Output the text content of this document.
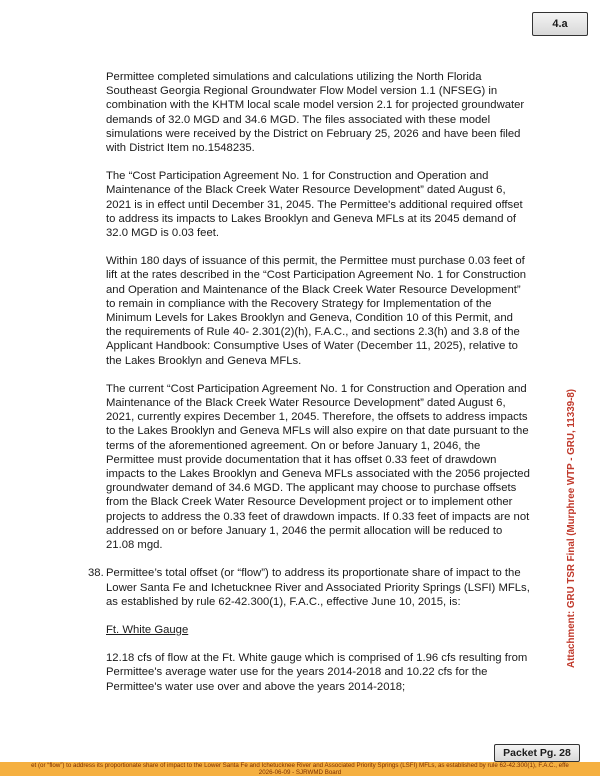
4.a

Permittee completed simulations and calculations utilizing the North Florida Southeast Georgia Regional Groundwater Flow Model version 1.1 (NFSEG) in combination with the KHTM local scale model version 2.1 for projected groundwater demands of 32.0 MGD and 34.6 MGD. The files associated with these model simulations were received by the District on February 25, 2026 and have been filed with District Item no.1548235.

The “Cost Participation Agreement No. 1 for Construction and Operation and Maintenance of the Black Creek Water Resource Development” dated August 6, 2021 is in effect until December 31, 2045. The Permittee's additional required offset to address its impacts to Lakes Brooklyn and Geneva MFLs at its 2045 demand of 32.0 MGD is 0.03 feet.

Within 180 days of issuance of this permit, the Permittee must purchase 0.03 feet of lift at the rates described in the “Cost Participation Agreement No. 1 for Construction and Operation and Maintenance of the Black Creek Water Resource Development” to remain in compliance with the Recovery Strategy for Implementation of the Minimum Levels for Lakes Brooklyn and Geneva, Condition 10 of this Permit, and the requirements of Rule 40- 2.301(2)(h), F.A.C., and sections 2.3(h) and 3.8 of the Applicant Handbook: Consumptive Uses of Water (December 11, 2025), relative to the Lakes Brooklyn and Geneva MFLs.

The current “Cost Participation Agreement No. 1 for Construction and Operation and Maintenance of the Black Creek Water Resource Development” dated August 6, 2021, currently expires December 1, 2045. Therefore, the offsets to address impacts to the Lakes Brooklyn and Geneva MFLs will also expire on that date pursuant to the terms of the aforementioned agreement. On or before January 1, 2046, the Permittee must provide documentation that it has offset 0.33 feet of drawdown impacts to the Lakes Brooklyn and Geneva MFLs associated with the 2056 projected groundwater demand of 34.6 MGD. The applicant may choose to purchase offsets from the Black Creek Water Resource Development project or to implement other projects to address the 0.33 feet of drawdown impacts. If 0.33 feet of impacts are not addressed on or before January 1, 2046 the permit allocation will be reduced to 21.08 mgd.

38. Permittee’s total offset (or “flow”) to address its proportionate share of impact to the Lower Santa Fe and Ichetucknee River and Associated Priority Springs (LSFI) MFLs, as established by rule 62-42.300(1), F.A.C., effective June 10, 2015, is:

Ft. White Gauge

12.18 cfs of flow at the Ft. White gauge which is comprised of 1.96 cfs resulting from Permittee's average water use for the years 2014-2018 and 10.22 cfs for the Permittee's water use over and above the years 2014-2018;

Attachment: GRU TSR Final (Murphree WTP - GRU, 11339-8)
Packet Pg. 28
et (or “flow”) to address its proportionate share of impact to the Lower Santa Fe and Ichetucknee River and Associated Priority Springs (LSFI) MFLs, as established by rule 62-42.300(1), F.A.C., effe
2026-06-09 - SJRWMD Board
